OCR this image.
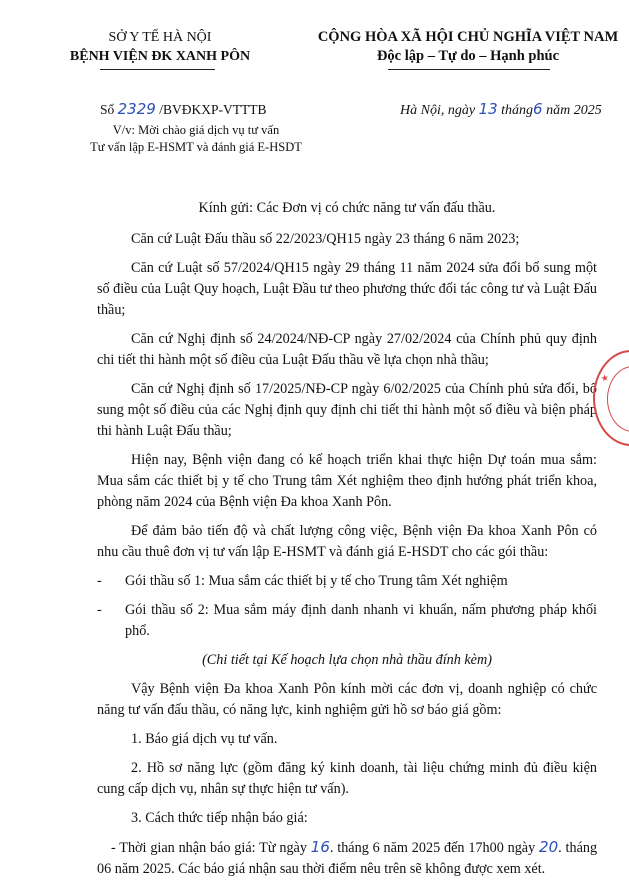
SỞ Y TẾ HÀ NỘI
BỆNH VIỆN ĐK XANH PÔN
CỘNG HÒA XÃ HỘI CHỦ NGHĨA VIỆT NAM
Độc lập – Tự do – Hạnh phúc
Số 2329 /BVĐKXP-VTTTB
V/v: Mời chào giá dịch vụ tư vấn
Tư vấn lập E-HSMT và đánh giá E-HSDT
Hà Nội, ngày 13 tháng6 năm 2025

Kính gửi: Các Đơn vị có chức năng tư vấn đấu thầu.

Căn cứ Luật Đấu thầu số 22/2023/QH15 ngày 23 tháng 6 năm 2023;

Căn cứ Luật số 57/2024/QH15 ngày 29 tháng 11 năm 2024 sửa đổi bổ sung một số điều của Luật Quy hoạch, Luật Đầu tư theo phương thức đối tác công tư và Luật Đấu thầu;

Căn cứ Nghị định số 24/2024/NĐ-CP ngày 27/02/2024 của Chính phủ quy định chi tiết thi hành một số điều của Luật Đấu thầu về lựa chọn nhà thầu;

Căn cứ Nghị định số 17/2025/NĐ-CP ngày 6/02/2025 của Chính phủ sửa đổi, bổ sung một số điều của các Nghị định quy định chi tiết thi hành một số điều và biện pháp thi hành Luật Đấu thầu;

Hiện nay, Bệnh viện đang có kế hoạch triển khai thực hiện Dự toán mua sắm: Mua sắm các thiết bị y tế cho Trung tâm Xét nghiệm theo định hướng phát triển khoa, phòng năm 2024 của Bệnh viện Đa khoa Xanh Pôn.

Để đảm bảo tiến độ và chất lượng công việc, Bệnh viện Đa khoa Xanh Pôn có nhu cầu thuê đơn vị tư vấn lập E-HSMT và đánh giá E-HSDT cho các gói thầu:

- Gói thầu số 1: Mua sắm các thiết bị y tế cho Trung tâm Xét nghiệm

- Gói thầu số 2: Mua sắm máy định danh nhanh vi khuẩn, nấm phương pháp khối phổ.

(Chi tiết tại Kế hoạch lựa chọn nhà thầu đính kèm)

Vậy Bệnh viện Đa khoa Xanh Pôn kính mời các đơn vị, doanh nghiệp có chức năng tư vấn đấu thầu, có năng lực, kinh nghiệm gửi hồ sơ báo giá gồm:

1. Báo giá dịch vụ tư vấn.

2. Hồ sơ năng lực (gồm đăng ký kinh doanh, tài liệu chứng minh đủ điều kiện cung cấp dịch vụ, nhân sự thực hiện tư vấn).

3. Cách thức tiếp nhận báo giá:

- Thời gian nhận báo giá: Từ ngày 16. tháng 6 năm 2025 đến 17h00 ngày 20. tháng 06 năm 2025. Các báo giá nhận sau thời điểm nêu trên sẽ không được xem xét.

★
